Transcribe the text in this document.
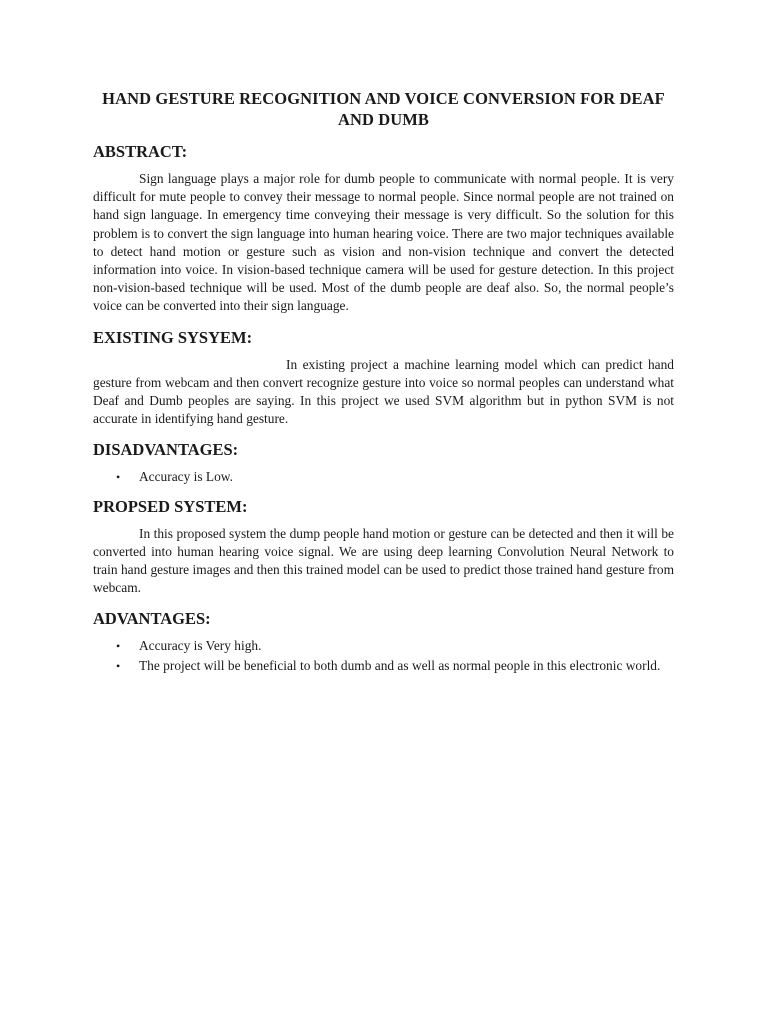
HAND GESTURE RECOGNITION AND VOICE CONVERSION FOR DEAF AND DUMB
ABSTRACT:

Sign language plays a major role for dumb people to communicate with normal people. It is very difficult for mute people to convey their message to normal people. Since normal people are not trained on hand sign language. In emergency time conveying their message is very difficult. So the solution for this problem is to convert the sign language into human hearing voice. There are two major techniques available to detect hand motion or gesture such as vision and non-vision technique and convert the detected information into voice. In vision-based technique camera will be used for gesture detection. In this project non-vision-based technique will be used. Most of the dumb people are deaf also. So, the normal people’s voice can be converted into their sign language.

EXISTING SYSYEM:

In existing project a machine learning model which can predict hand gesture from webcam and then convert recognize gesture into voice so normal peoples can understand what Deaf and Dumb peoples are saying. In this project we used SVM algorithm but in python SVM is not accurate in identifying hand gesture.

DISADVANTAGES:
• Accuracy is Low.
PROPSED SYSTEM:

In this proposed system the dump people hand motion or gesture can be detected and then it will be converted into human hearing voice signal. We are using deep learning Convolution Neural Network to train hand gesture images and then this trained model can be used to predict those trained hand gesture from webcam.

ADVANTAGES:
• Accuracy is Very high.
• The project will be beneficial to both dumb and as well as normal people in this electronic world.
